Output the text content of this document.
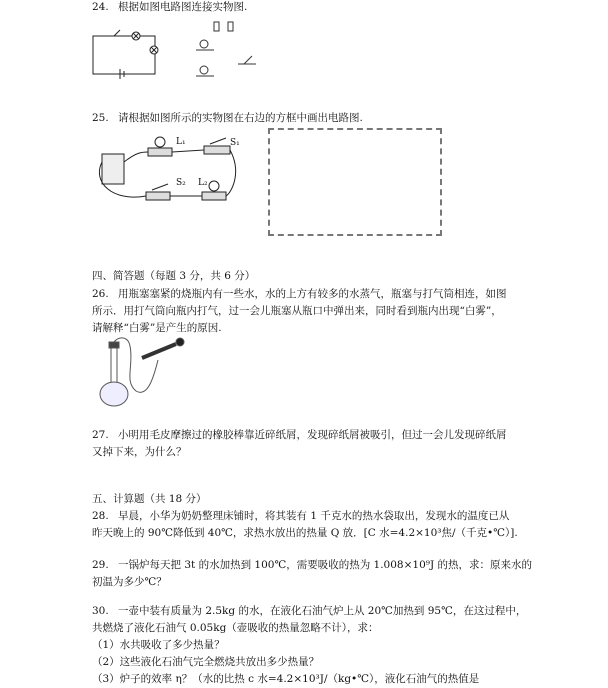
24. 根据如图电路图连接实物图.
25. 请根据如图所示的实物图在右边的方框中画出电路图.
L₁	S₁
S₂ L₂
四、简答题（每题 3 分，共 6 分）
26. 用瓶塞塞紧的烧瓶内有一些水，水的上方有较多的水蒸气，瓶塞与打气筒相连，如图
所示．用打气筒向瓶内打气，过一会儿瓶塞从瓶口中弹出来，同时看到瓶内出现“白雾”，
请解释“白雾”是产生的原因.
27. 小明用毛皮摩擦过的橡胶棒靠近碎纸屑，发现碎纸屑被吸引，但过一会儿发现碎纸屑
又掉下来，为什么？
五、计算题（共 18 分）
28. 早晨，小华为奶奶整理床铺时，将其装有 1 千克水的热水袋取出，发现水的温度已从
昨天晚上的 90℃降低到 40℃，求热水放出的热量 Q 放．[C 水=4.2×10³焦/（千克•℃）].
29. 一锅炉每天把 3t 的水加热到 100℃，需要吸收的热为 1.008×10⁹J 的热，求：原来水的
初温为多少℃？
30. 一壶中装有质量为 2.5kg 的水，在液化石油气炉上从 20℃加热到 95℃，在这过程中，
共燃烧了液化石油气 0.05kg（壶吸收的热量忽略不计），求：
（1）水共吸收了多少热量？
（2）这些液化石油气完全燃烧共放出多少热量？
（3）炉子的效率 η？（水的比热 c 水=4.2×10³J/（kg•℃），液化石油气的热值是
